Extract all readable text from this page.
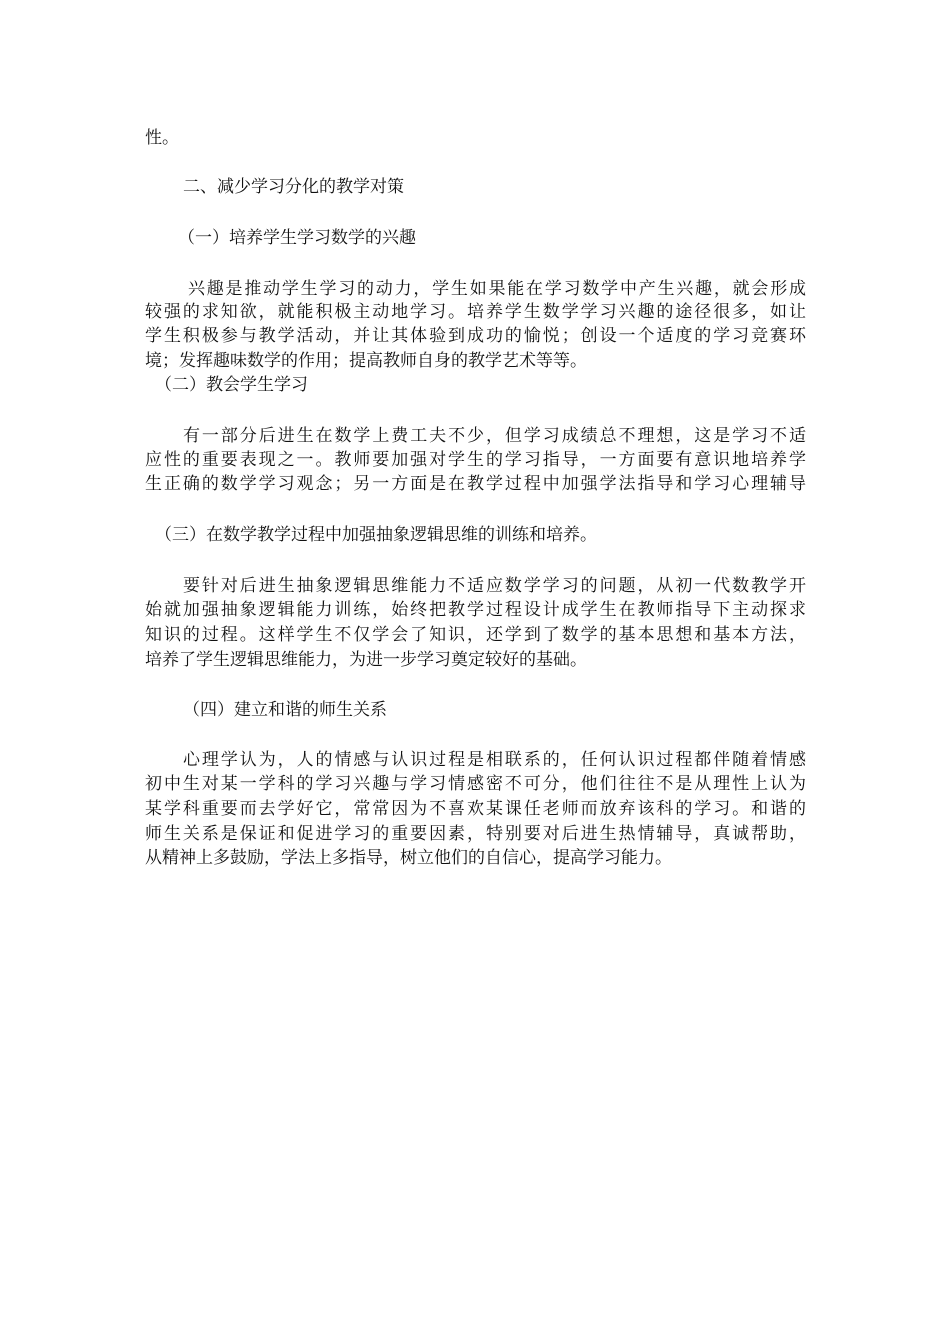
性。
二、减少学习分化的教学对策
（一）培养学生学习数学的兴趣
兴趣是推动学生学习的动力，学生如果能在学习数学中产生兴趣，就会形成
较强的求知欲，就能积极主动地学习。培养学生数学学习兴趣的途径很多，如让
学生积极参与教学活动，并让其体验到成功的愉悦；创设一个适度的学习竞赛环
境；发挥趣味数学的作用；提高教师自身的教学艺术等等。
（二）教会学生学习
有一部分后进生在数学上费工夫不少，但学习成绩总不理想，这是学习不适
应性的重要表现之一。教师要加强对学生的学习指导，一方面要有意识地培养学
生正确的数学学习观念；另一方面是在教学过程中加强学法指导和学习心理辅导
（三）在数学教学过程中加强抽象逻辑思维的训练和培养。
要针对后进生抽象逻辑思维能力不适应数学学习的问题，从初一代数教学开
始就加强抽象逻辑能力训练，始终把教学过程设计成学生在教师指导下主动探求
知识的过程。这样学生不仅学会了知识，还学到了数学的基本思想和基本方法，
培养了学生逻辑思维能力，为进一步学习奠定较好的基础。
（四）建立和谐的师生关系
心理学认为，人的情感与认识过程是相联系的，任何认识过程都伴随着情感
初中生对某一学科的学习兴趣与学习情感密不可分，他们往往不是从理性上认为
某学科重要而去学好它，常常因为不喜欢某课任老师而放弃该科的学习。和谐的
师生关系是保证和促进学习的重要因素，特别要对后进生热情辅导，真诚帮助，
从精神上多鼓励，学法上多指导，树立他们的自信心，提高学习能力。
